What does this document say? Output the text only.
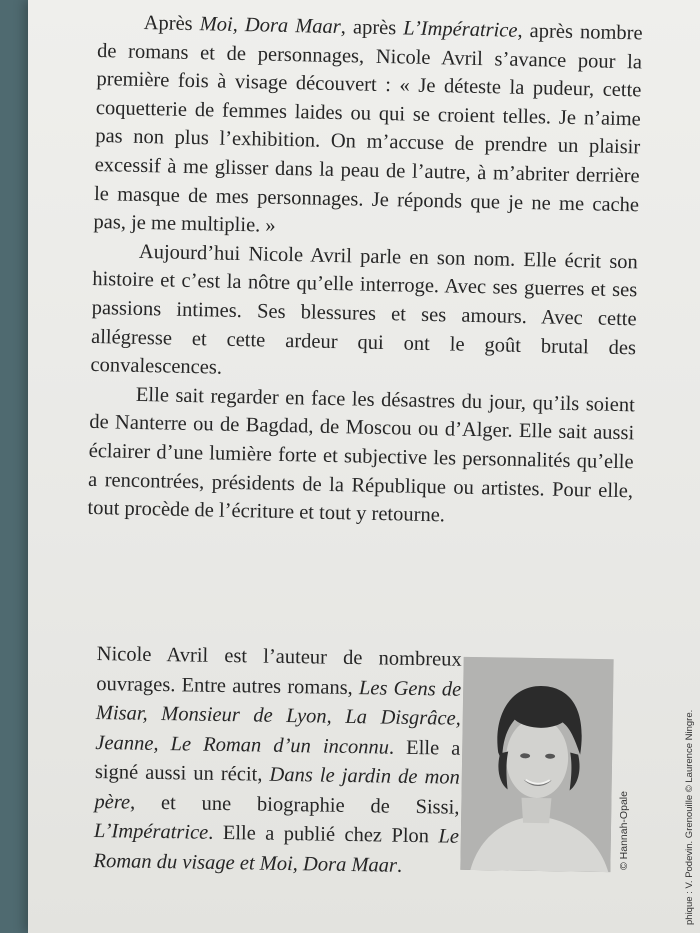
Après Moi, Dora Maar, après L’Impératrice, après nombre de romans et de personnages, Nicole Avril s’avance pour la première fois à visage découvert : « Je déteste la pudeur, cette coquetterie de femmes laides ou qui se croient telles. Je n’aime pas non plus l’exhibition. On m’accuse de prendre un plaisir excessif à me glisser dans la peau de l’autre, à m’abriter derrière le masque de mes personnages. Je réponds que je ne me cache pas, je me multiplie. »

Aujourd’hui Nicole Avril parle en son nom. Elle écrit son histoire et c’est la nôtre qu’elle interroge. Avec ses guerres et ses passions intimes. Ses blessures et ses amours. Avec cette allégresse et cette ardeur qui ont le goût brutal des convalescences.

Elle sait regarder en face les désastres du jour, qu’ils soient de Nanterre ou de Bagdad, de Moscou ou d’Alger. Elle sait aussi éclairer d’une lumière forte et subjective les personnalités qu’elle a rencontrées, présidents de la République ou artistes. Pour elle, tout procède de l’écriture et tout y retourne.

Nicole Avril est l’auteur de nombreux ouvrages. Entre autres romans, Les Gens de Misar, Monsieur de Lyon, La Disgrâce, Jeanne, Le Roman d’un inconnu. Elle a signé aussi un récit, Dans le jardin de mon père, et une biographie de Sissi, L’Impératrice. Elle a publié chez Plon Le Roman du visage et Moi, Dora Maar.	© Hannah-Opale	phique : V. Podevin. Grenouille © Laurence Ningre.
